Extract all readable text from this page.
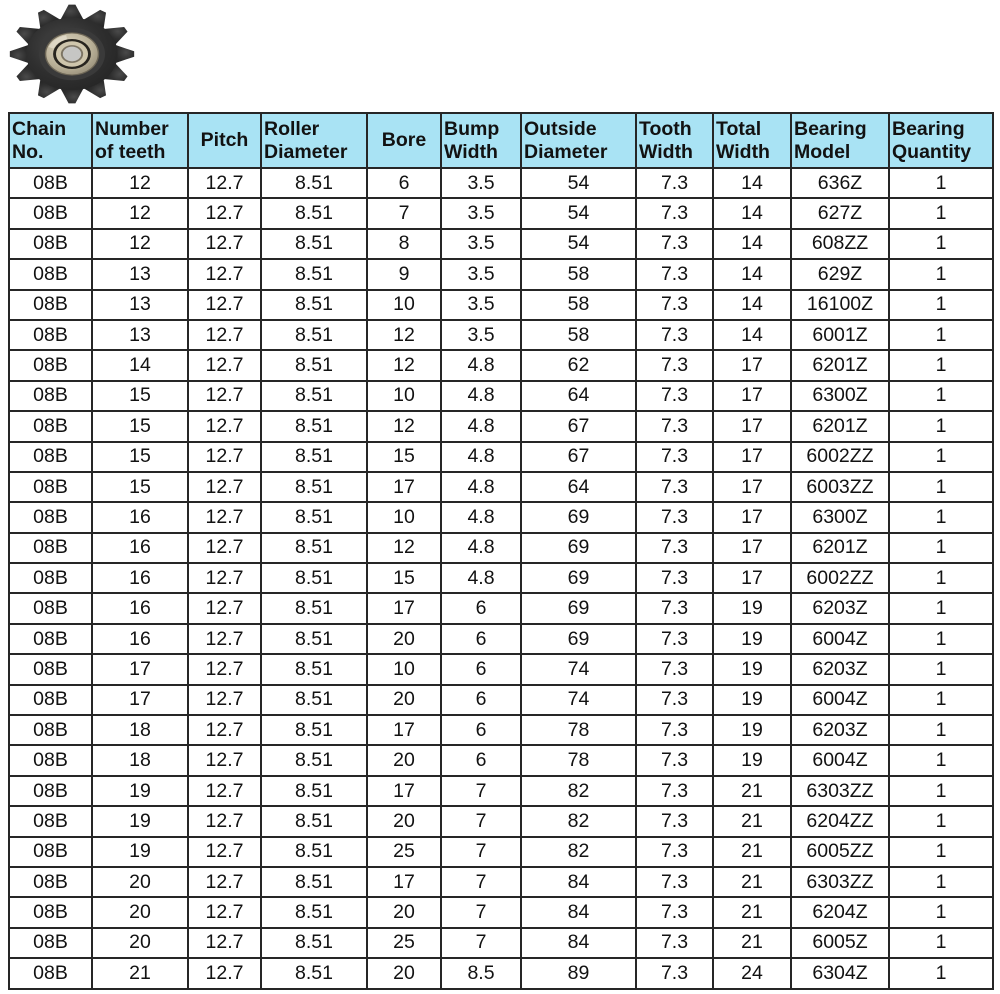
Chain No.	Number of teeth	Pitch	Roller Diameter	Bore	Bump Width	Outside Diameter	Tooth Width	Total Width	Bearing Model	Bearing Quantity
08B	12	12.7	8.51	6	3.5	54	7.3	14	636Z	1
08B	12	12.7	8.51	7	3.5	54	7.3	14	627Z	1
08B	12	12.7	8.51	8	3.5	54	7.3	14	608ZZ	1
08B	13	12.7	8.51	9	3.5	58	7.3	14	629Z	1
08B	13	12.7	8.51	10	3.5	58	7.3	14	16100Z	1
08B	13	12.7	8.51	12	3.5	58	7.3	14	6001Z	1
08B	14	12.7	8.51	12	4.8	62	7.3	17	6201Z	1
08B	15	12.7	8.51	10	4.8	64	7.3	17	6300Z	1
08B	15	12.7	8.51	12	4.8	67	7.3	17	6201Z	1
08B	15	12.7	8.51	15	4.8	67	7.3	17	6002ZZ	1
08B	15	12.7	8.51	17	4.8	64	7.3	17	6003ZZ	1
08B	16	12.7	8.51	10	4.8	69	7.3	17	6300Z	1
08B	16	12.7	8.51	12	4.8	69	7.3	17	6201Z	1
08B	16	12.7	8.51	15	4.8	69	7.3	17	6002ZZ	1
08B	16	12.7	8.51	17	6	69	7.3	19	6203Z	1
08B	16	12.7	8.51	20	6	69	7.3	19	6004Z	1
08B	17	12.7	8.51	10	6	74	7.3	19	6203Z	1
08B	17	12.7	8.51	20	6	74	7.3	19	6004Z	1
08B	18	12.7	8.51	17	6	78	7.3	19	6203Z	1
08B	18	12.7	8.51	20	6	78	7.3	19	6004Z	1
08B	19	12.7	8.51	17	7	82	7.3	21	6303ZZ	1
08B	19	12.7	8.51	20	7	82	7.3	21	6204ZZ	1
08B	19	12.7	8.51	25	7	82	7.3	21	6005ZZ	1
08B	20	12.7	8.51	17	7	84	7.3	21	6303ZZ	1
08B	20	12.7	8.51	20	7	84	7.3	21	6204Z	1
08B	20	12.7	8.51	25	7	84	7.3	21	6005Z	1
08B	21	12.7	8.51	20	8.5	89	7.3	24	6304Z	1
